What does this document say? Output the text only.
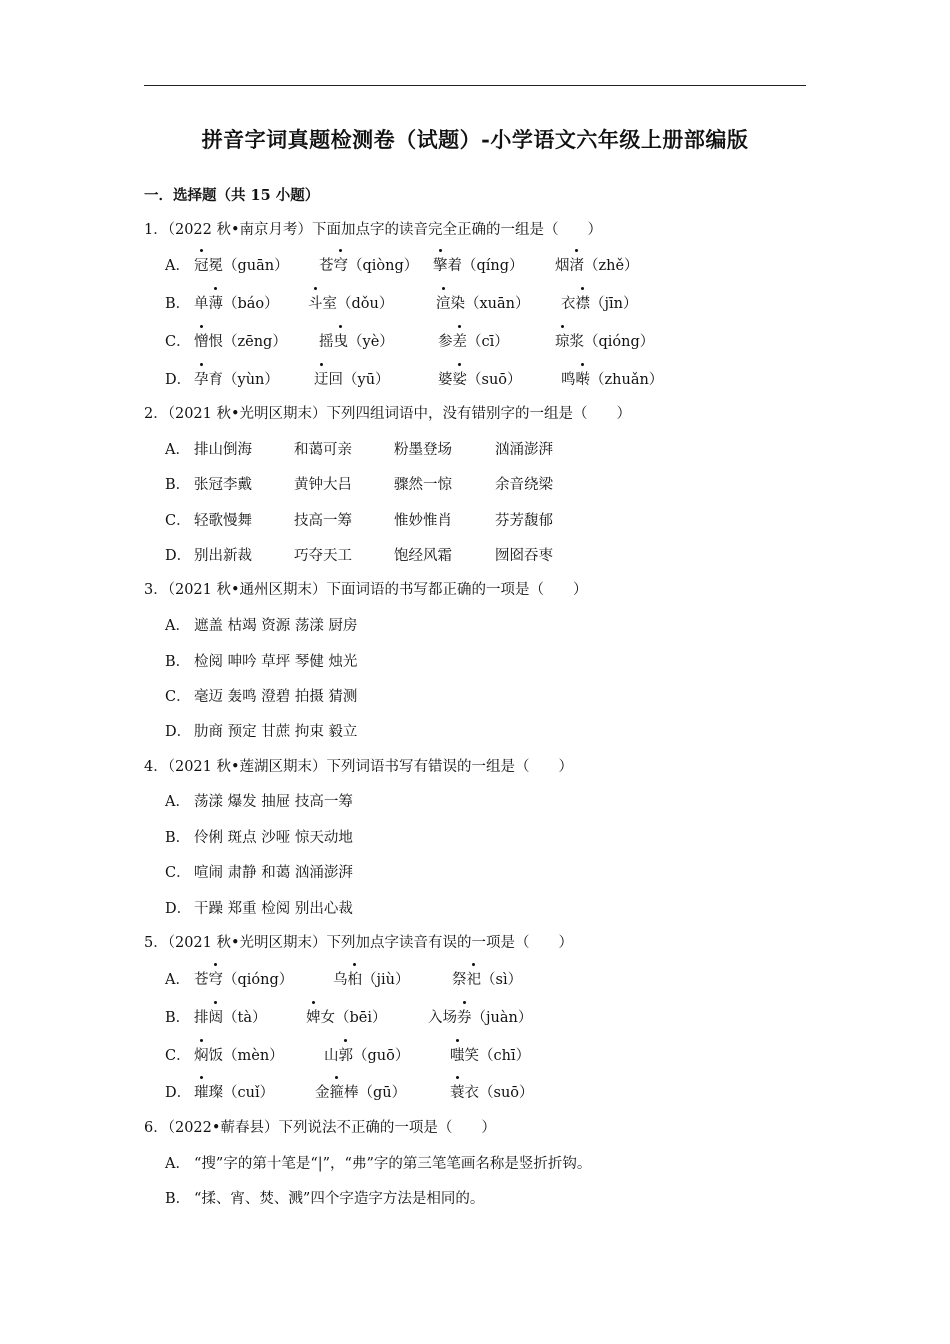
拼音字词真题检测卷（试题）-小学语文六年级上册部编版
一．选择题（共 15 小题）
1．（2022 秋•南京月考）下面加点字的读音完全正确的一组是（　　）
A． 冠冕（guān） 苍穹（qiòng） 擎着（qíng） 烟渚（zhě）
B． 单薄（báo） 斗室（dǒu）	渲染（xuān） 衣襟（jīn）
C． 憎恨（zēng） 摇曳（yè）	参差（cī）	琼浆（qióng）
D． 孕育（yùn） 迂回（yū）	婆娑（suō）	鸣啭（zhuǎn）
2．（2021 秋•光明区期末）下列四组词语中，没有错别字的一组是（　　）
A． 排山倒海	和蔼可亲	粉墨登场	汹涌澎湃
B． 张冠李戴	黄钟大吕	骤然一惊	余音绕梁
C． 轻歌慢舞	技高一筹	惟妙惟肖	芬芳馥郁
D． 别出新裁	巧夺天工	饱经风霜	囫囵吞枣
3．（2021 秋•通州区期末）下面词语的书写都正确的一项是（　　）
A． 遮盖 枯竭 资源 荡漾 厨房
B． 检阅 呻吟 草坪 琴健 烛光
C． 毫迈 轰鸣 澄碧 拍摄 猜测
D． 肋商 预定 甘蔗 拘束 毅立
4．（2021 秋•莲湖区期末）下列词语书写有错误的一组是（　　）
A． 荡漾 爆发 抽屉 技高一筹
B． 伶俐 斑点 沙哑 惊天动地
C． 喧闹 肃静 和蔼 汹涌澎湃
D． 干躁 郑重 检阅 别出心裁
5．（2021 秋•光明区期末）下列加点字读音有误的一项是（　　）
A． 苍穹（qióng）	乌桕（jiù）	祭祀（sì）
B． 排闼（tà）	婢女（bēi）	入场券（juàn）
C． 焖饭（mèn）	山郭（guō）	嗤笑（chī）
D． 璀璨（cuǐ）	金箍棒（gū）	蓑衣（suō）
6．（2022•蕲春县）下列说法不正确的一项是（　　）
A． “搜”字的第十笔是“|”，“弗”字的第三笔笔画名称是竖折折钩。
B． “揉、宵、焚、溅”四个字造字方法是相同的。
